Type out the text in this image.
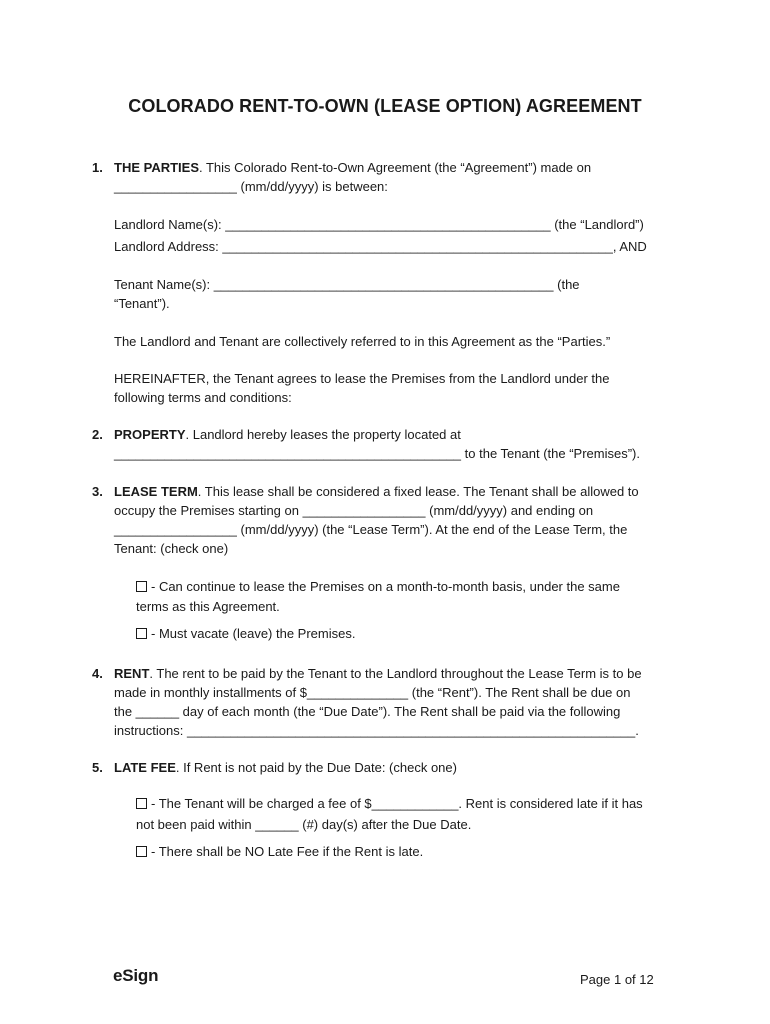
COLORADO RENT-TO-OWN (LEASE OPTION) AGREEMENT
1. THE PARTIES. This Colorado Rent-to-Own Agreement (the “Agreement”) made on
_________________ (mm/dd/yyyy) is between:
Landlord Name(s): _____________________________________________ (the “Landlord”)
Landlord Address: ______________________________________________________, AND
Tenant Name(s): _______________________________________________ (the
“Tenant”).
The Landlord and Tenant are collectively referred to in this Agreement as the “Parties.”
HEREINAFTER, the Tenant agrees to lease the Premises from the Landlord under the
following terms and conditions:
2. PROPERTY. Landlord hereby leases the property located at
________________________________________________ to the Tenant (the “Premises”).
3. LEASE TERM. This lease shall be considered a fixed lease. The Tenant shall be allowed to
occupy the Premises starting on _________________ (mm/dd/yyyy) and ending on
_________________ (mm/dd/yyyy) (the “Lease Term”). At the end of the Lease Term, the
Tenant: (check one)
- Can continue to lease the Premises on a month-to-month basis, under the same
terms as this Agreement.
- Must vacate (leave) the Premises.
4. RENT. The rent to be paid by the Tenant to the Landlord throughout the Lease Term is to be
made in monthly installments of $______________ (the “Rent”). The Rent shall be due on
the ______ day of each month (the “Due Date”). The Rent shall be paid via the following
instructions: ______________________________________________________________.
5. LATE FEE. If Rent is not paid by the Due Date: (check one)
- The Tenant will be charged a fee of $____________. Rent is considered late if it has
not been paid within ______ (#) day(s) after the Due Date.
- There shall be NO Late Fee if the Rent is late.
eSign	Page 1 of 12
